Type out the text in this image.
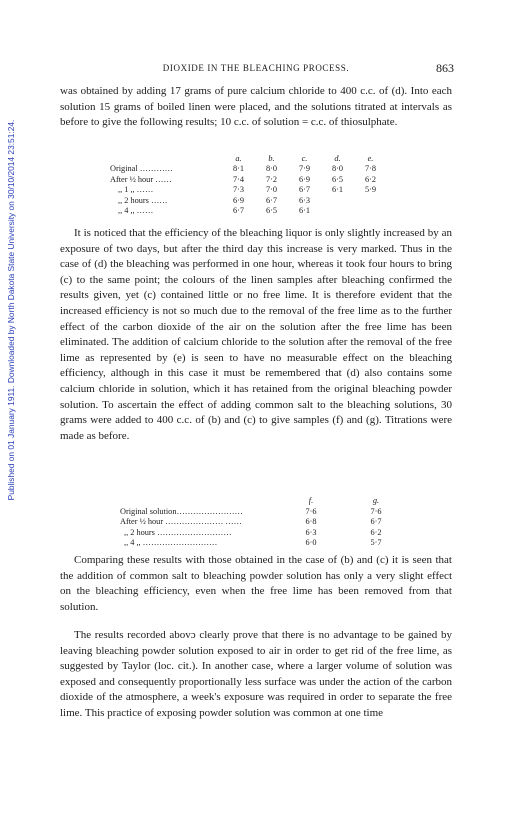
Published on 01 January 1911. Downloaded by North Dakota State University on 30/10/2014 23:51:24.
DIOXIDE IN THE BLEACHING PROCESS.	863

was obtained by adding 17 grams of pure calcium chloride to 400 c.c. of (d). Into each solution 15 grams of boiled linen were placed, and the solutions titrated at intervals as before to give the following results; 10 c.c. of solution = c.c. of thiosulphate.

	a.	b.	c.	d.	e.
Original …………	8·1	8·0	7·9	8·0	7·8
After ½ hour ……	7·4	7·2	6·9	6·5	6·2
,, 1 ,, ……	7·3	7·0	6·7	6·1	5·9
,, 2 hours ……	6·9	6·7	6·3		
,, 4 ,, ……	6·7	6·5	6·1		

It is noticed that the efficiency of the bleaching liquor is only slightly increased by an exposure of two days, but after the third day this increase is very marked. Thus in the case of (d) the bleaching was performed in one hour, whereas it took four hours to bring (c) to the same point; the colours of the linen samples after bleaching confirmed the results given, yet (c) contained little or no free lime. It is therefore evident that the increased efficiency is not so much due to the removal of the free lime as to the further effect of the carbon dioxide of the air on the solution after the free lime has been eliminated. The addition of calcium chloride to the solution after the removal of the free lime as represented by (e) is seen to have no measurable effect on the bleaching efficiency, although in this case it must be remembered that (d) also contains some calcium chloride in solution, which it has retained from the original bleaching powder solution. To ascertain the effect of adding common salt to the bleaching solutions, 30 grams were added to 400 c.c. of (b) and (c) to give samples (f) and (g). Titrations were made as before.

	f.	g.
Original solution……………………	7·6	7·6
After ½ hour ………………… ……	6·8	6·7
,, 2 hours ………………………	6·3	6·2
,, 4 ,, ………………………	6·0	5·7

Comparing these results with those obtained in the case of (b) and (c) it is seen that the addition of common salt to bleaching powder solution has only a very slight effect on the bleaching efficiency, even when the free lime has been removed from that solution.

The results recorded abovɔ clearly prove that there is no advantage to be gained by leaving bleaching powder solution exposed to air in order to get rid of the free lime, as suggested by Taylor (loc. cit.). In another case, where a larger volume of solution was exposed and consequently proportionally less surface was under the action of the carbon dioxide of the atmosphere, a week's exposure was required in order to separate the free lime. This practice of exposing powder solution was common at one time
